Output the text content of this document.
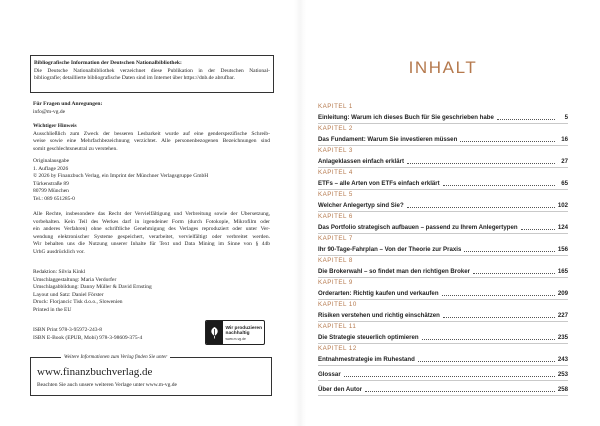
Bibliografische Information der Deutschen Nationalbibliothek:
Die Deutsche Nationalbibliothek verzeichnet diese Publikation in der Deutschen National-
bibliografie; detaillierte bibliografische Daten sind im Internet über https://dnb.de abrufbar.
Für Fragen und Anregungen:
info@m-vg.de
Wichtiger Hinweis
Ausschließlich zum Zweck der besseren Lesbarkeit wurde auf eine genderspezifische Schreib-
weise sowie eine Mehrfachbezeichnung verzichtet. Alle personenbezogenen Bezeichnungen sind
somit geschlechtsneutral zu verstehen.
Originalausgabe
1. Auflage 2026
© 2026 by Finanzbuch Verlag, ein Imprint der Münchner Verlagsgruppe GmbH
Türkenstraße 89
80799 München
Tel.: 089 651285-0
Alle Rechte, insbesondere das Recht der Vervielfältigung und Verbreitung sowie der Übersetzung,
vorbehalten. Kein Teil des Werkes darf in irgendeiner Form (durch Fotokopie, Mikrofilm oder
ein anderes Verfahren) ohne schriftliche Genehmigung des Verlages reproduziert oder unter Ver-
wendung elektronischer Systeme gespeichert, verarbeitet, vervielfältigt oder verbreitet werden.
Wir behalten uns die Nutzung unserer Inhalte für Text und Data Mining im Sinne von § 44b
UrhG ausdrücklich vor.
Redaktion: Silvia Kinkl
Umschlaggestaltung: Maria Verdorfer
Umschlagabbildung: Danny Müller & David Ernsting
Layout und Satz: Daniel Förster
Druck: Florjancic Tisk d.o.o., Slowenien
Printed in the EU
ISBN Print 978-3-95972-243-8
ISBN E-Book (EPUB, Mobi) 978-3-98609-375-4
Wir produzieren
nachhaltig
www.m-vg.de
Weitere Informationen zum Verlag finden Sie unter
www.finanzbuchverlag.de
Beachten Sie auch unsere weiteren Verlage unter www.m-vg.de
INHALT
KAPITEL 1
Einleitung: Warum ich dieses Buch für Sie geschrieben habe	5
KAPITEL 2
Das Fundament: Warum Sie investieren müssen	16
KAPITEL 3
Anlageklassen einfach erklärt	27
KAPITEL 4
ETFs – alle Arten von ETFs einfach erklärt	65
KAPITEL 5
Welcher Anlegertyp sind Sie?	102
KAPITEL 6
Das Portfolio strategisch aufbauen – passend zu Ihrem Anlegertypen	124
KAPITEL 7
Ihr 90-Tage-Fahrplan – Von der Theorie zur Praxis	156
KAPITEL 8
Die Brokerwahl – so findet man den richtigen Broker	165
KAPITEL 9
Orderarten: Richtig kaufen und verkaufen	209
KAPITEL 10
Risiken verstehen und richtig einschätzen	227
KAPITEL 11
Die Strategie steuerlich optimieren	235
KAPITEL 12
Entnahmestrategie im Ruhestand	243
Glossar	253
Über den Autor	258
